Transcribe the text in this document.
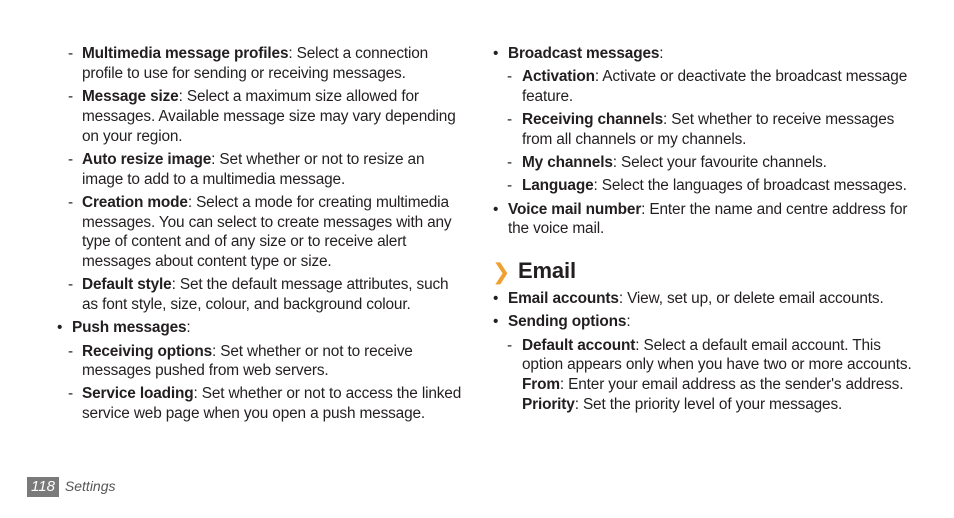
- Multimedia message profiles: Select a connection profile to use for sending or receiving messages.
- Message size: Select a maximum size allowed for messages. Available message size may vary depending on your region.
- Auto resize image: Set whether or not to resize an image to add to a multimedia message.
- Creation mode: Select a mode for creating multimedia messages. You can select to create messages with any type of content and of any size or to receive alert messages about content type or size.
- Default style: Set the default message attributes, such as font style, size, colour, and background colour.
• Push messages:
- Receiving options: Set whether or not to receive messages pushed from web servers.
- Service loading: Set whether or not to access the linked service web page when you open a push message.
• Broadcast messages:
- Activation: Activate or deactivate the broadcast message feature.
- Receiving channels: Set whether to receive messages from all channels or my channels.
- My channels: Select your favourite channels.
- Language: Select the languages of broadcast messages.
• Voice mail number: Enter the name and centre address for the voice mail.
❯ Email
• Email accounts: View, set up, or delete email accounts.
• Sending options:
- Default account: Select a default email account. This option appears only when you have two or more accounts.
From: Enter your email address as the sender's address.
Priority: Set the priority level of your messages.
118 Settings
